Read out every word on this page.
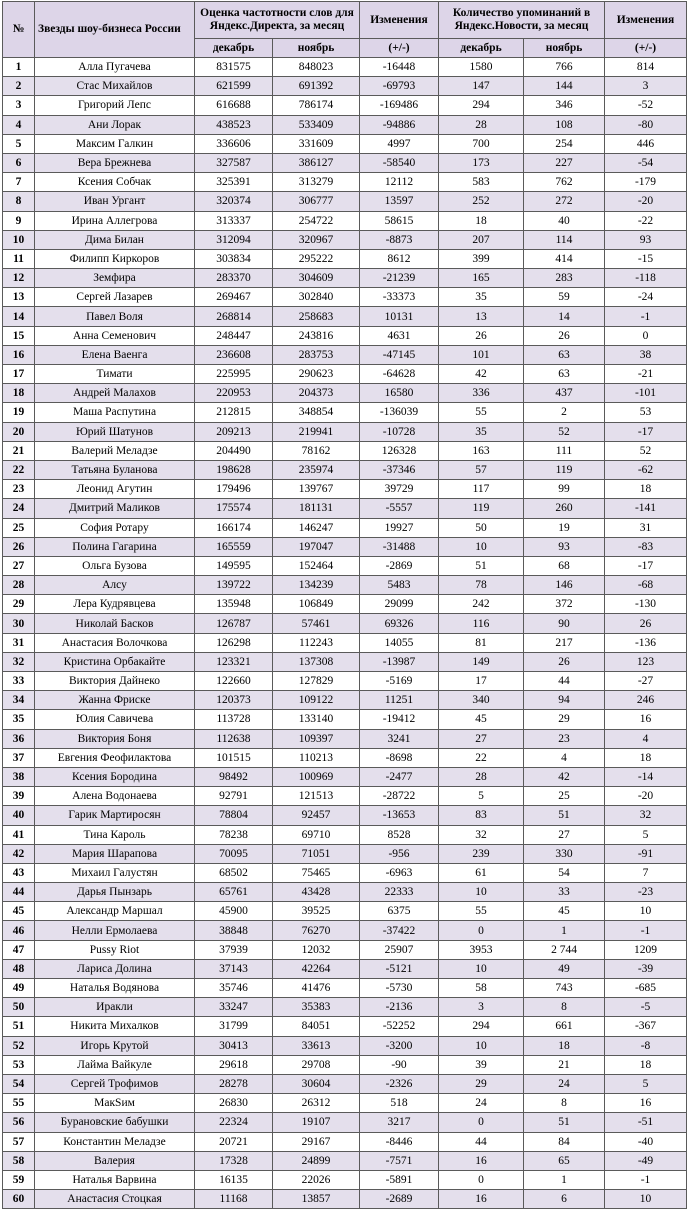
№	Звезды шоу-бизнеса России	Оценка частотности слов для Яндекс.Директа, за месяц		Изменения	Количество упоминаний в Яндекс.Новости, за месяц		Изменения
		декабрь	ноябрь	(+/-)	декабрь	ноябрь	(+/-)
1	Алла Пугачева	831575	848023	-16448	1580	766	814
2	Стас Михайлов	621599	691392	-69793	147	144	3
3	Григорий Лепс	616688	786174	-169486	294	346	-52
4	Ани Лорак	438523	533409	-94886	28	108	-80
5	Максим Галкин	336606	331609	4997	700	254	446
6	Вера Брежнева	327587	386127	-58540	173	227	-54
7	Ксения Собчак	325391	313279	12112	583	762	-179
8	Иван Ургант	320374	306777	13597	252	272	-20
9	Ирина Аллегрова	313337	254722	58615	18	40	-22
10	Дима Билан	312094	320967	-8873	207	114	93
11	Филипп Киркоров	303834	295222	8612	399	414	-15
12	Земфира	283370	304609	-21239	165	283	-118
13	Сергей Лазарев	269467	302840	-33373	35	59	-24
14	Павел Воля	268814	258683	10131	13	14	-1
15	Анна Семенович	248447	243816	4631	26	26	0
16	Елена Ваенга	236608	283753	-47145	101	63	38
17	Тимати	225995	290623	-64628	42	63	-21
18	Андрей Малахов	220953	204373	16580	336	437	-101
19	Маша Распутина	212815	348854	-136039	55	2	53
20	Юрий Шатунов	209213	219941	-10728	35	52	-17
21	Валерий Меладзе	204490	78162	126328	163	111	52
22	Татьяна Буланова	198628	235974	-37346	57	119	-62
23	Леонид Агутин	179496	139767	39729	117	99	18
24	Дмитрий Маликов	175574	181131	-5557	119	260	-141
25	София Ротару	166174	146247	19927	50	19	31
26	Полина Гагарина	165559	197047	-31488	10	93	-83
27	Ольга Бузова	149595	152464	-2869	51	68	-17
28	Алсу	139722	134239	5483	78	146	-68
29	Лера Кудрявцева	135948	106849	29099	242	372	-130
30	Николай Басков	126787	57461	69326	116	90	26
31	Анастасия Волочкова	126298	112243	14055	81	217	-136
32	Кристина Орбакайте	123321	137308	-13987	149	26	123
33	Виктория Дайнеко	122660	127829	-5169	17	44	-27
34	Жанна Фриске	120373	109122	11251	340	94	246
35	Юлия Савичева	113728	133140	-19412	45	29	16
36	Виктория Боня	112638	109397	3241	27	23	4
37	Евгения Феофилактова	101515	110213	-8698	22	4	18
38	Ксения Бородина	98492	100969	-2477	28	42	-14
39	Алена Водонаева	92791	121513	-28722	5	25	-20
40	Гарик Мартиросян	78804	92457	-13653	83	51	32
41	Тина Кароль	78238	69710	8528	32	27	5
42	Мария Шарапова	70095	71051	-956	239	330	-91
43	Михаил Галустян	68502	75465	-6963	61	54	7
44	Дарья Пынзарь	65761	43428	22333	10	33	-23
45	Александр Маршал	45900	39525	6375	55	45	10
46	Нелли Ермолаева	38848	76270	-37422	0	1	-1
47	Pussy Riot	37939	12032	25907	3953	2 744	1209
48	Лариса Долина	37143	42264	-5121	10	49	-39
49	Наталья Водянова	35746	41476	-5730	58	743	-685
50	Иракли	33247	35383	-2136	3	8	-5
51	Никита Михалков	31799	84051	-52252	294	661	-367
52	Игорь Крутой	30413	33613	-3200	10	18	-8
53	Лайма Вайкуле	29618	29708	-90	39	21	18
54	Сергей Трофимов	28278	30604	-2326	29	24	5
55	МакSим	26830	26312	518	24	8	16
56	Бурановские бабушки	22324	19107	3217	0	51	-51
57	Константин Меладзе	20721	29167	-8446	44	84	-40
58	Валерия	17328	24899	-7571	16	65	-49
59	Наталья Варвина	16135	22026	-5891	0	1	-1
60	Анастасия Стоцкая	11168	13857	-2689	16	6	10
